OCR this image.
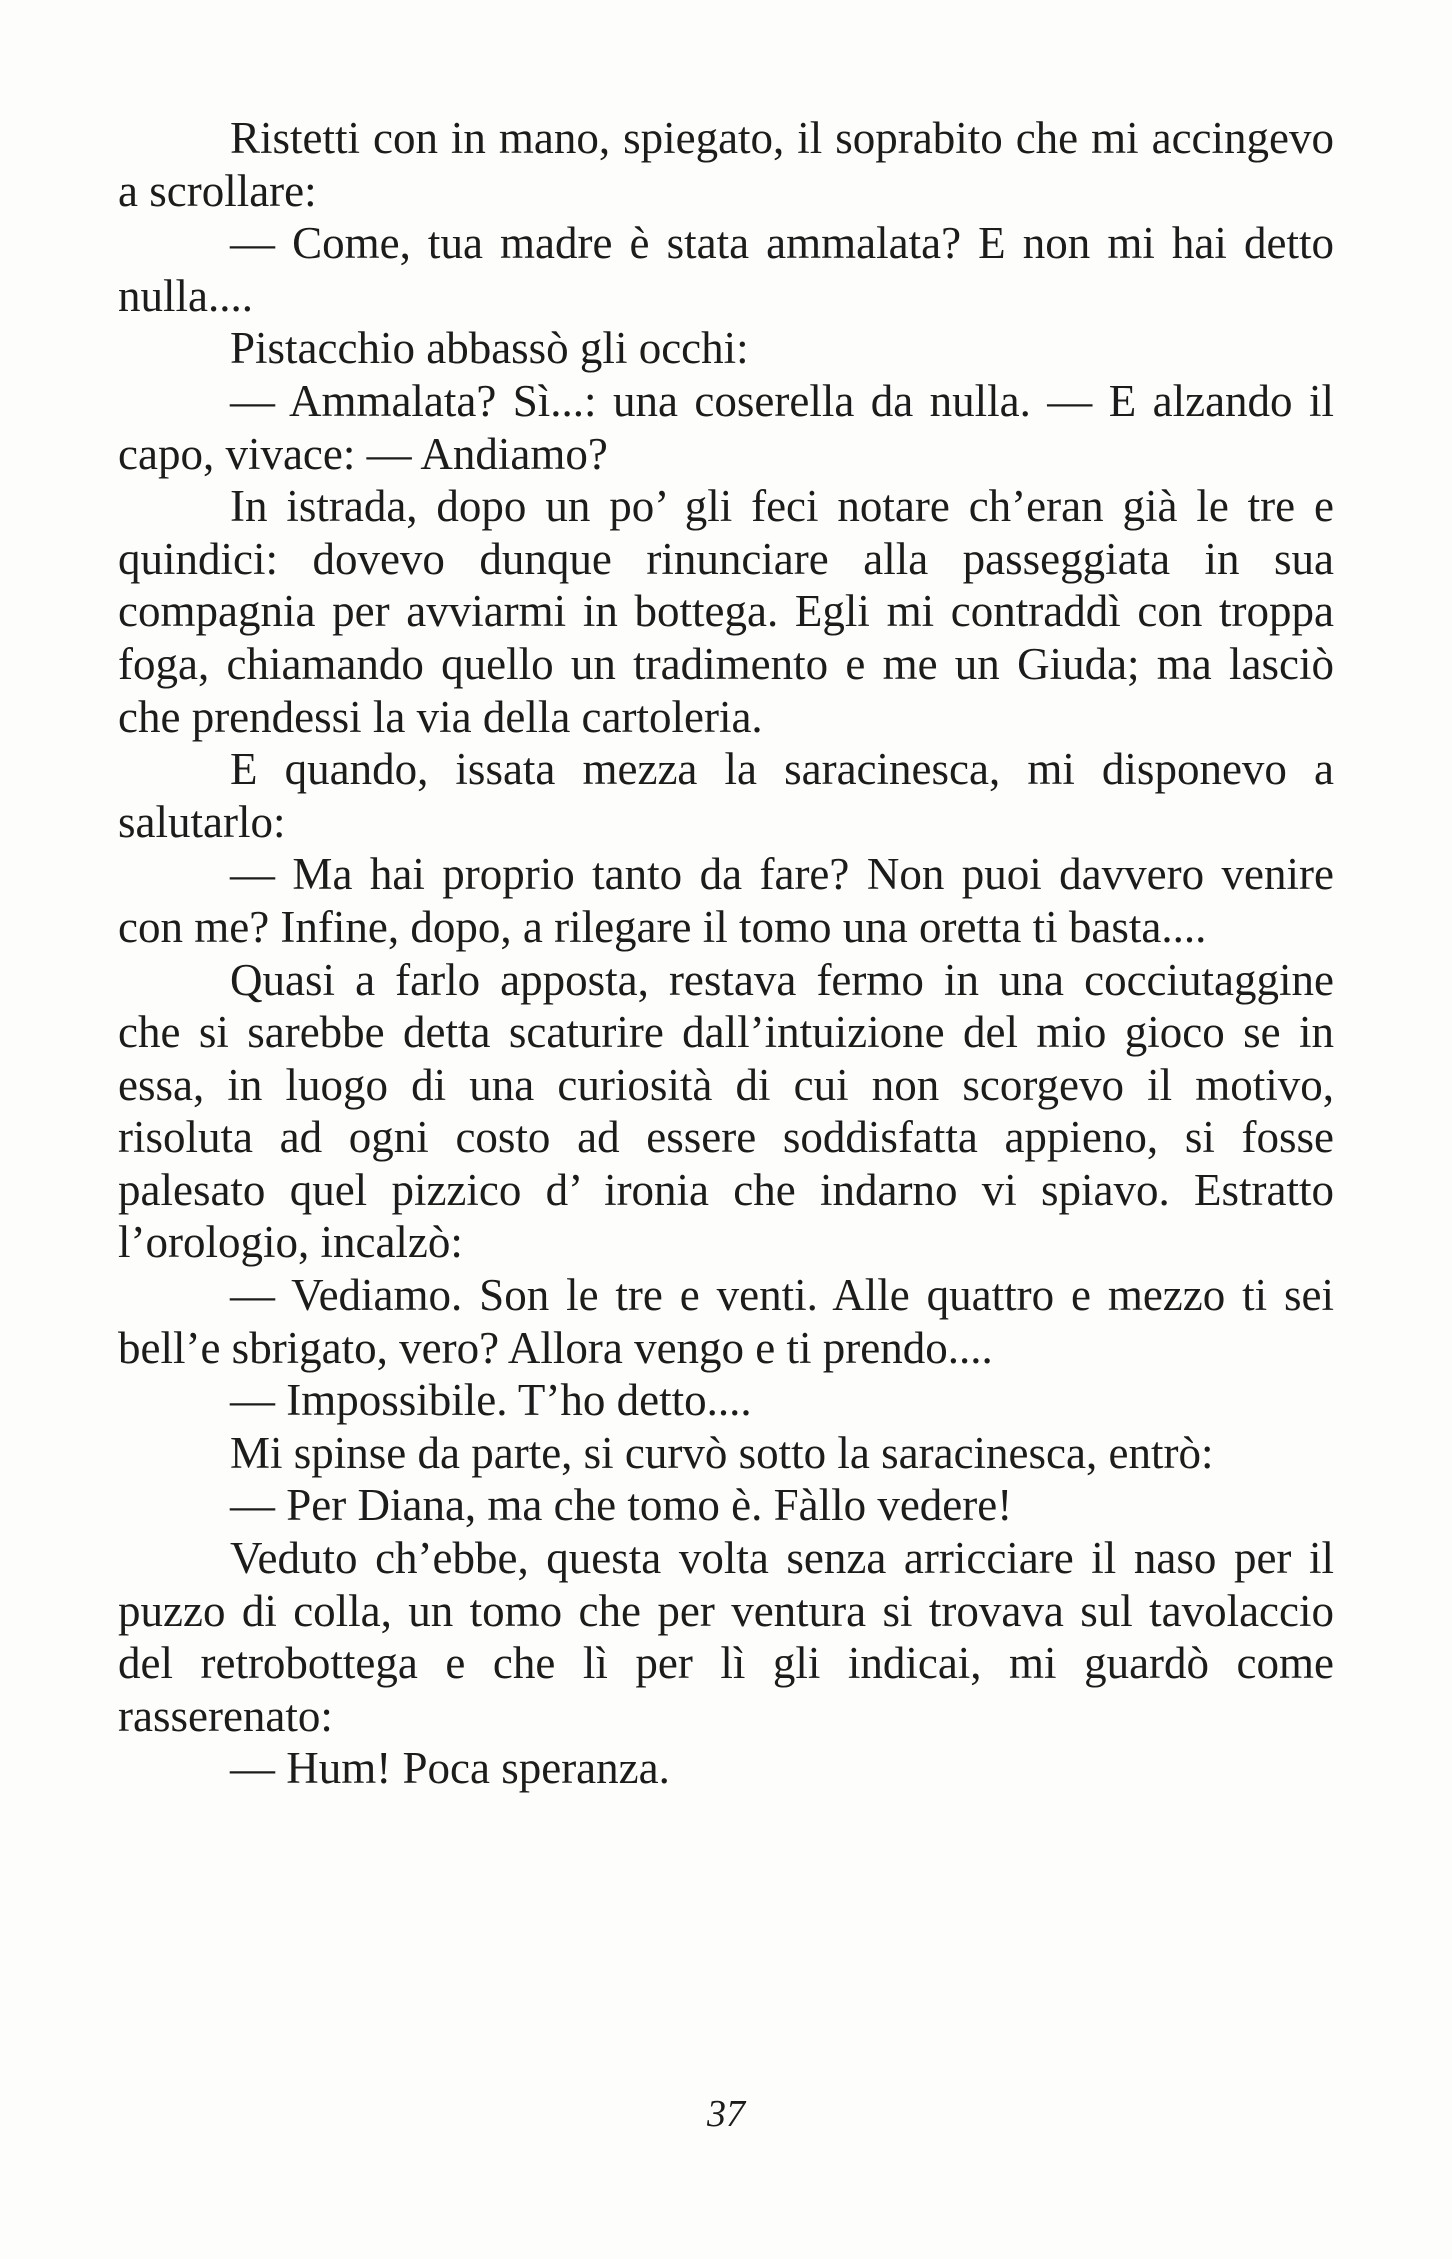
Ristetti con in mano, spiegato, il soprabito che mi accingevo a scrollare:

— Come, tua madre è stata ammalata? E non mi hai detto nulla....

Pistacchio abbassò gli occhi:

— Ammalata? Sì...: una coserella da nulla. — E alzando il capo, vivace: — Andiamo?

In istrada, dopo un po’ gli feci notare ch’eran già le tre e quindici: dovevo dunque rinunciare alla passeggiata in sua compagnia per avviarmi in bottega. Egli mi contraddì con troppa foga, chiamando quello un tradimento e me un Giuda; ma lasciò che prendessi la via della cartoleria.

E quando, issata mezza la saracinesca, mi disponevo a salutarlo:

— Ma hai proprio tanto da fare? Non puoi davvero venire con me? Infine, dopo, a rilegare il tomo una oretta ti basta....

Quasi a farlo apposta, restava fermo in una cocciutaggine che si sarebbe detta scaturire dall’intuizione del mio gioco se in essa, in luogo di una curiosità di cui non scorgevo il motivo, risoluta ad ogni costo ad essere soddisfatta appieno, si fosse palesato quel pizzico d’ ironia che indarno vi spiavo. Estratto l’orologio, incalzò:

— Vediamo. Son le tre e venti. Alle quattro e mezzo ti sei bell’e sbrigato, vero? Allora vengo e ti prendo....

— Impossibile. T’ho detto....

Mi spinse da parte, si curvò sotto la saracinesca, entrò:

— Per Diana, ma che tomo è. Fàllo vedere!

Veduto ch’ebbe, questa volta senza arricciare il naso per il puzzo di colla, un tomo che per ventura si trovava sul tavolaccio del retrobottega e che lì per lì gli indicai, mi guardò come rasserenato:

— Hum! Poca speranza.

37
